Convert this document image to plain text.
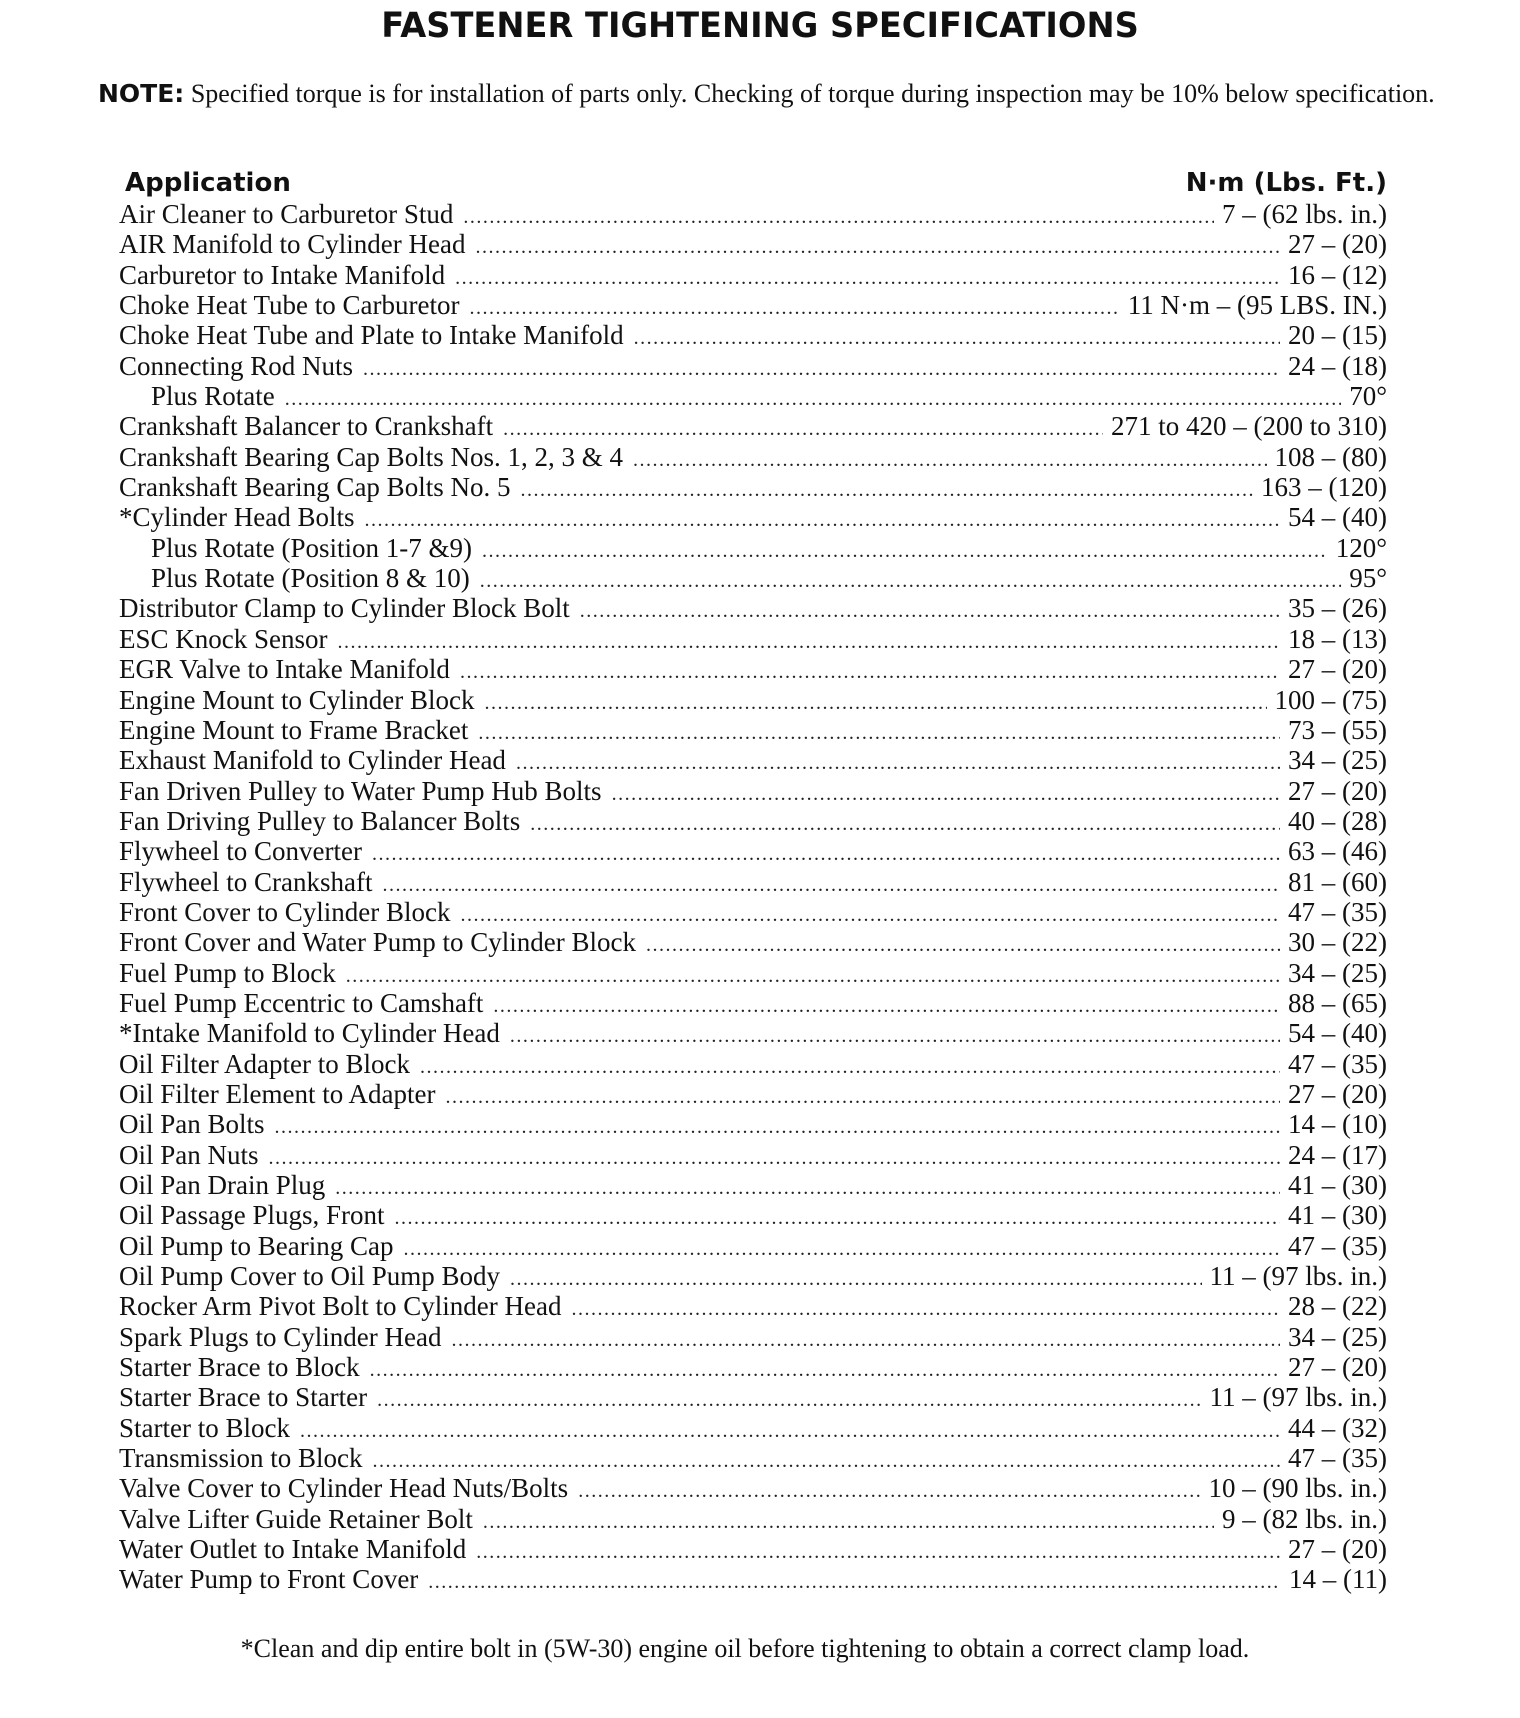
FASTENER TIGHTENING SPECIFICATIONS

NOTE: Specified torque is for installation of parts only. Checking of torque during inspection may be 10% below specification.

Application	N·m (Lbs. Ft.)
Air Cleaner to Carburetor Stud .....	7 – (62 lbs. in.)
AIR Manifold to Cylinder Head .....	27 – (20)
Carburetor to Intake Manifold .....	16 – (12)
Choke Heat Tube to Carburetor .....	11 N·m – (95 LBS. IN.)
Choke Heat Tube and Plate to Intake Manifold .....	20 – (15)
Connecting Rod Nuts .....	24 – (18)
Plus Rotate .....	70°
Crankshaft Balancer to Crankshaft .....	271 to 420 – (200 to 310)
Crankshaft Bearing Cap Bolts Nos. 1, 2, 3 & 4 .....	108 – (80)
Crankshaft Bearing Cap Bolts No. 5 .....	163 – (120)
*Cylinder Head Bolts .....	54 – (40)
Plus Rotate (Position 1-7 &9) .....	120°
Plus Rotate (Position 8 & 10) .....	95°
Distributor Clamp to Cylinder Block Bolt .....	35 – (26)
ESC Knock Sensor .....	18 – (13)
EGR Valve to Intake Manifold .....	27 – (20)
Engine Mount to Cylinder Block .....	100 – (75)
Engine Mount to Frame Bracket .....	73 – (55)
Exhaust Manifold to Cylinder Head .....	34 – (25)
Fan Driven Pulley to Water Pump Hub Bolts .....	27 – (20)
Fan Driving Pulley to Balancer Bolts .....	40 – (28)
Flywheel to Converter .....	63 – (46)
Flywheel to Crankshaft .....	81 – (60)
Front Cover to Cylinder Block .....	47 – (35)
Front Cover and Water Pump to Cylinder Block .....	30 – (22)
Fuel Pump to Block .....	34 – (25)
Fuel Pump Eccentric to Camshaft .....	88 – (65)
*Intake Manifold to Cylinder Head .....	54 – (40)
Oil Filter Adapter to Block .....	47 – (35)
Oil Filter Element to Adapter .....	27 – (20)
Oil Pan Bolts .....	14 – (10)
Oil Pan Nuts .....	24 – (17)
Oil Pan Drain Plug .....	41 – (30)
Oil Passage Plugs, Front .....	41 – (30)
Oil Pump to Bearing Cap .....	47 – (35)
Oil Pump Cover to Oil Pump Body .....	11 – (97 lbs. in.)
Rocker Arm Pivot Bolt to Cylinder Head .....	28 – (22)
Spark Plugs to Cylinder Head .....	34 – (25)
Starter Brace to Block .....	27 – (20)
Starter Brace to Starter .....	11 – (97 lbs. in.)
Starter to Block .....	44 – (32)
Transmission to Block .....	47 – (35)
Valve Cover to Cylinder Head Nuts/Bolts .....	10 – (90 lbs. in.)
Valve Lifter Guide Retainer Bolt .....	9 – (82 lbs. in.)
Water Outlet to Intake Manifold .....	27 – (20)
Water Pump to Front Cover .....	14 – (11)

*Clean and dip entire bolt in (5W-30) engine oil before tightening to obtain a correct clamp load.
